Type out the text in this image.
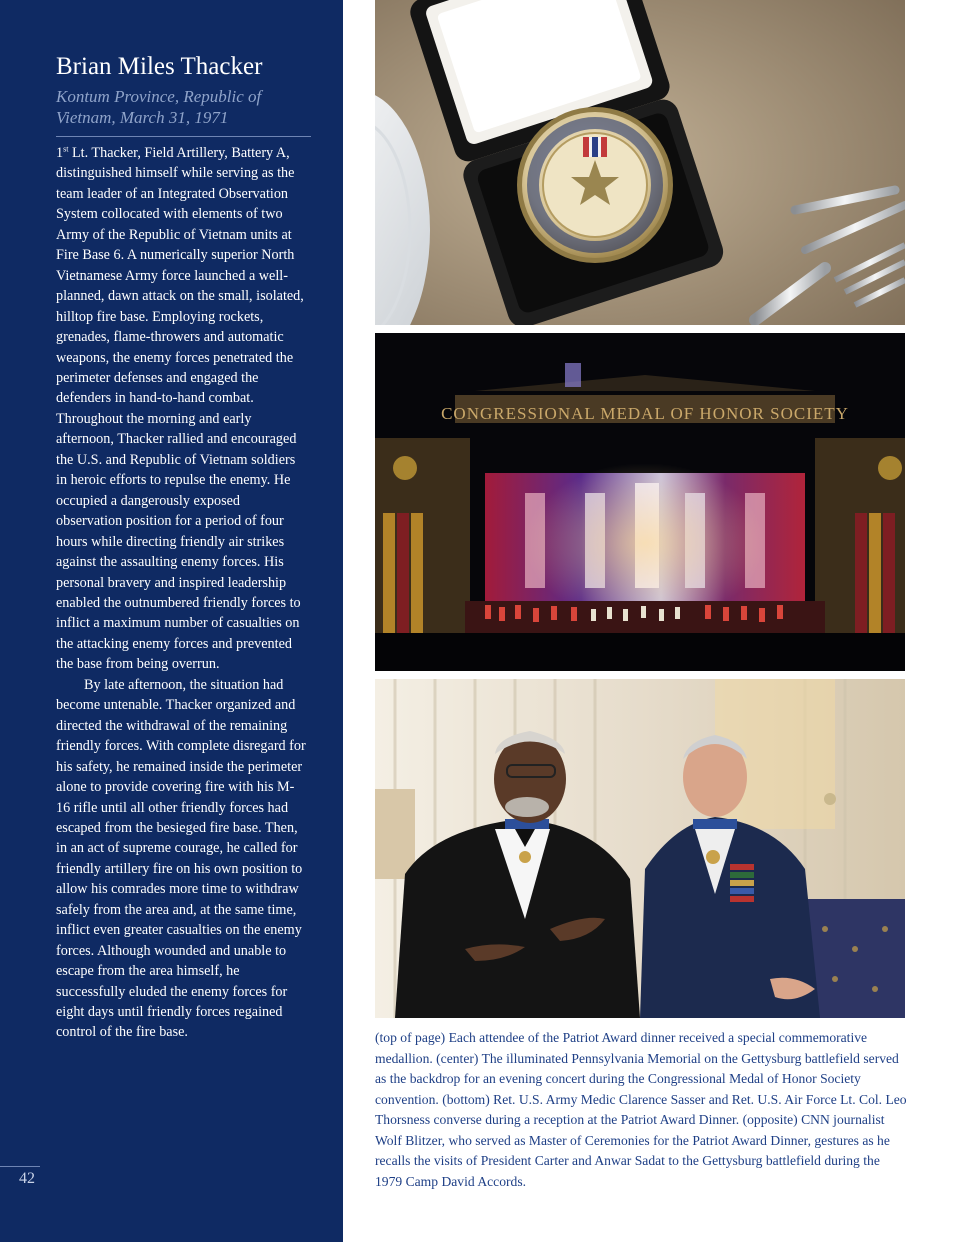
Brian Miles Thacker

Kontum Province, Republic of Vietnam, March 31, 1971

1st Lt. Thacker, Field Artillery, Battery A, distinguished himself while serving as the team leader of an Integrated Observation System collocated with elements of two Army of the Republic of Vietnam units at Fire Base 6. A numerically superior North Vietnamese Army force launched a well-planned, dawn attack on the small, isolated, hilltop fire base. Employing rockets, grenades, flame-throwers and automatic weapons, the enemy forces penetrated the perimeter defenses and engaged the defenders in hand-to-hand combat. Throughout the morning and early afternoon, Thacker rallied and encouraged the U.S. and Republic of Vietnam soldiers in heroic efforts to repulse the enemy. He occupied a dangerously exposed observation position for a period of four hours while directing friendly air strikes against the assaulting enemy forces. His personal bravery and inspired leadership enabled the outnumbered friendly forces to inflict a maximum number of casualties on the attacking enemy forces and prevented the base from being overrun.

By late afternoon, the situation had become untenable. Thacker organized and directed the withdrawal of the remaining friendly forces. With complete disregard for his safety, he remained inside the perimeter alone to provide covering fire with his M-16 rifle until all other friendly forces had escaped from the besieged fire base. Then, in an act of supreme courage, he called for friendly artillery fire on his own position to allow his comrades more time to withdraw safely from the area and, at the same time, inflict even greater casualties on the enemy forces. Although wounded and unable to escape from the area himself, he successfully eluded the enemy forces for eight days until friendly forces regained control of the fire base.

42
CONGRESSIONAL MEDAL OF HONOR SOCIETY

(top of page) Each attendee of the Patriot Award dinner received a special commemorative medallion. (center) The illuminated Pennsylvania Memorial on the Gettysburg battlefield served as the backdrop for an evening concert during the Congressional Medal of Honor Society convention. (bottom) Ret. U.S. Army Medic Clarence Sasser and Ret. U.S. Air Force Lt. Col. Leo Thorsness converse during a reception at the Patriot Award Dinner. (opposite) CNN journalist Wolf Blitzer, who served as Master of Ceremonies for the Patriot Award Dinner, gestures as he recalls the visits of President Carter and Anwar Sadat to the Gettysburg battlefield during the 1979 Camp David Accords.
